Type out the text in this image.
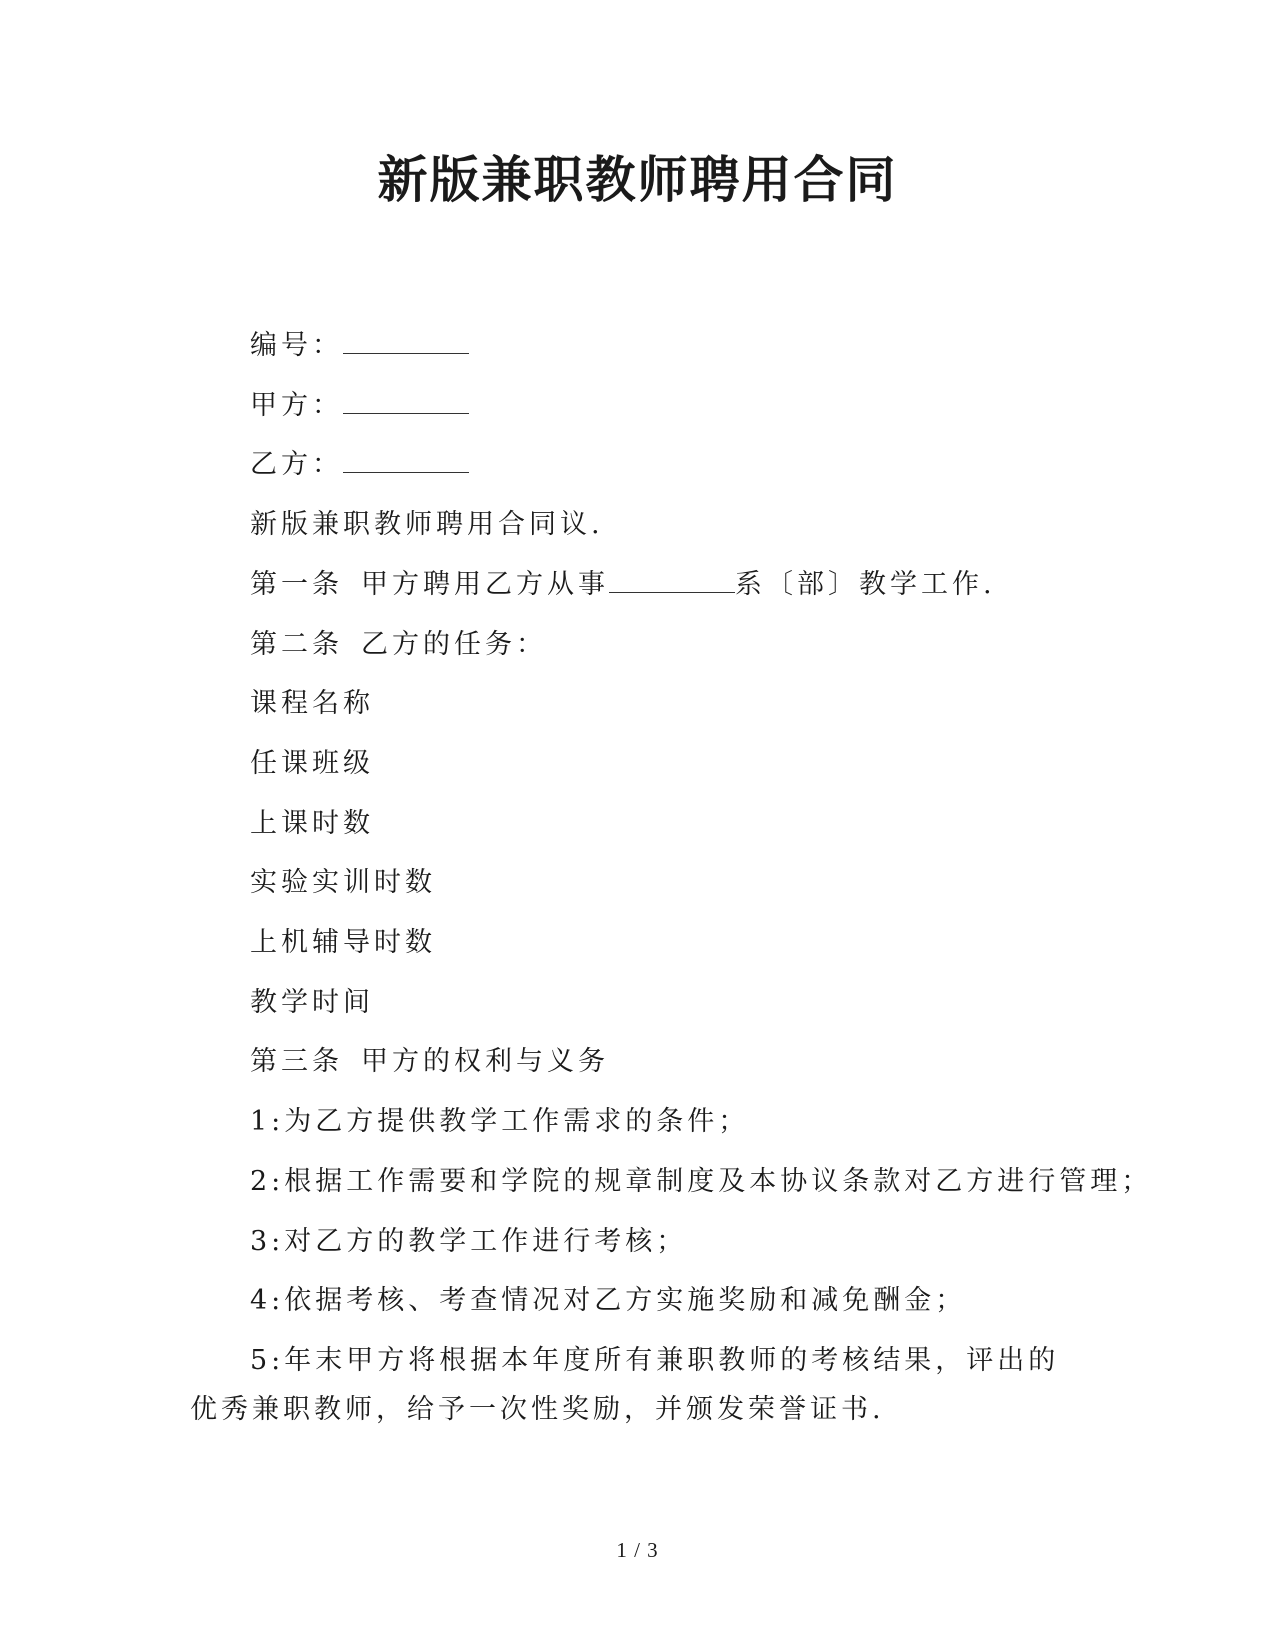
新版兼职教师聘用合同

编号：

甲方：

乙方：

新版兼职教师聘用合同议.

第一条 甲方聘用乙方从事	系〔部〕教学工作.

第二条 乙方的任务：

课程名称

任课班级

上课时数

实验实训时数

上机辅导时数

教学时间

第三条 甲方的权利与义务

1:为乙方提供教学工作需求的条件；

2:根据工作需要和学院的规章制度及本协议条款对乙方进行管理；

3:对乙方的教学工作进行考核；

4:依据考核、考查情况对乙方实施奖励和减免酬金；

5:年末甲方将根据本年度所有兼职教师的考核结果，评出的优秀兼职教师，给予一次性奖励，并颁发荣誉证书.

1 / 3
